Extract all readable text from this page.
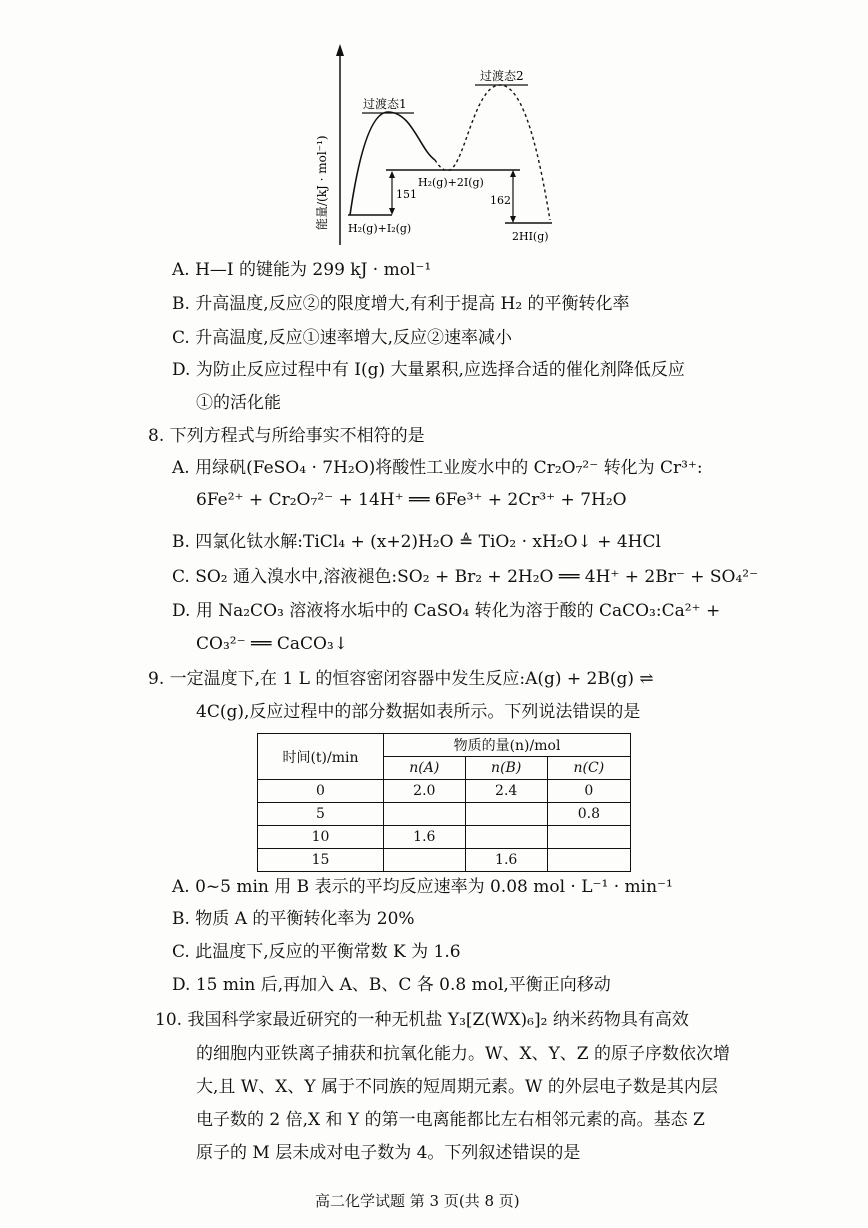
能量/(kJ · mol⁻¹)
过渡态1
过渡态2
H₂(g)+I₂(g)
H₂(g)+2I(g)
2HI(g)
151	162
A. H—I 的键能为 299 kJ · mol⁻¹
B. 升高温度,反应②的限度增大,有利于提高 H₂ 的平衡转化率
C. 升高温度,反应①速率增大,反应②速率减小
D. 为防止反应过程中有 I(g) 大量累积,应选择合适的催化剂降低反应
①的活化能
8. 下列方程式与所给事实不相符的是
A. 用绿矾(FeSO₄ · 7H₂O)将酸性工业废水中的 Cr₂O₇²⁻ 转化为 Cr³⁺:
6Fe²⁺ + Cr₂O₇²⁻ + 14H⁺ ══ 6Fe³⁺ + 2Cr³⁺ + 7H₂O
B. 四氯化钛水解:TiCl₄ + (x+2)H₂O ≜ TiO₂ · xH₂O↓ + 4HCl
C. SO₂ 通入溴水中,溶液褪色:SO₂ + Br₂ + 2H₂O ══ 4H⁺ + 2Br⁻ + SO₄²⁻
D. 用 Na₂CO₃ 溶液将水垢中的 CaSO₄ 转化为溶于酸的 CaCO₃:Ca²⁺ +
CO₃²⁻ ══ CaCO₃↓
9. 一定温度下,在 1 L 的恒容密闭容器中发生反应:A(g) + 2B(g) ⇌
4C(g),反应过程中的部分数据如表所示。下列说法错误的是
时间(t)/min	物质的量(n)/mol		
	n(A)	n(B)	n(C)
0	2.0	2.4	0
5			0.8
10	1.6		
15		1.6	
A. 0~5 min 用 B 表示的平均反应速率为 0.08 mol · L⁻¹ · min⁻¹
B. 物质 A 的平衡转化率为 20%
C. 此温度下,反应的平衡常数 K 为 1.6
D. 15 min 后,再加入 A、B、C 各 0.8 mol,平衡正向移动
10. 我国科学家最近研究的一种无机盐 Y₃[Z(WX)₆]₂ 纳米药物具有高效
的细胞内亚铁离子捕获和抗氧化能力。W、X、Y、Z 的原子序数依次增
大,且 W、X、Y 属于不同族的短周期元素。W 的外层电子数是其内层
电子数的 2 倍,X 和 Y 的第一电离能都比左右相邻元素的高。基态 Z
原子的 M 层未成对电子数为 4。下列叙述错误的是
高二化学试题 第 3 页(共 8 页)
